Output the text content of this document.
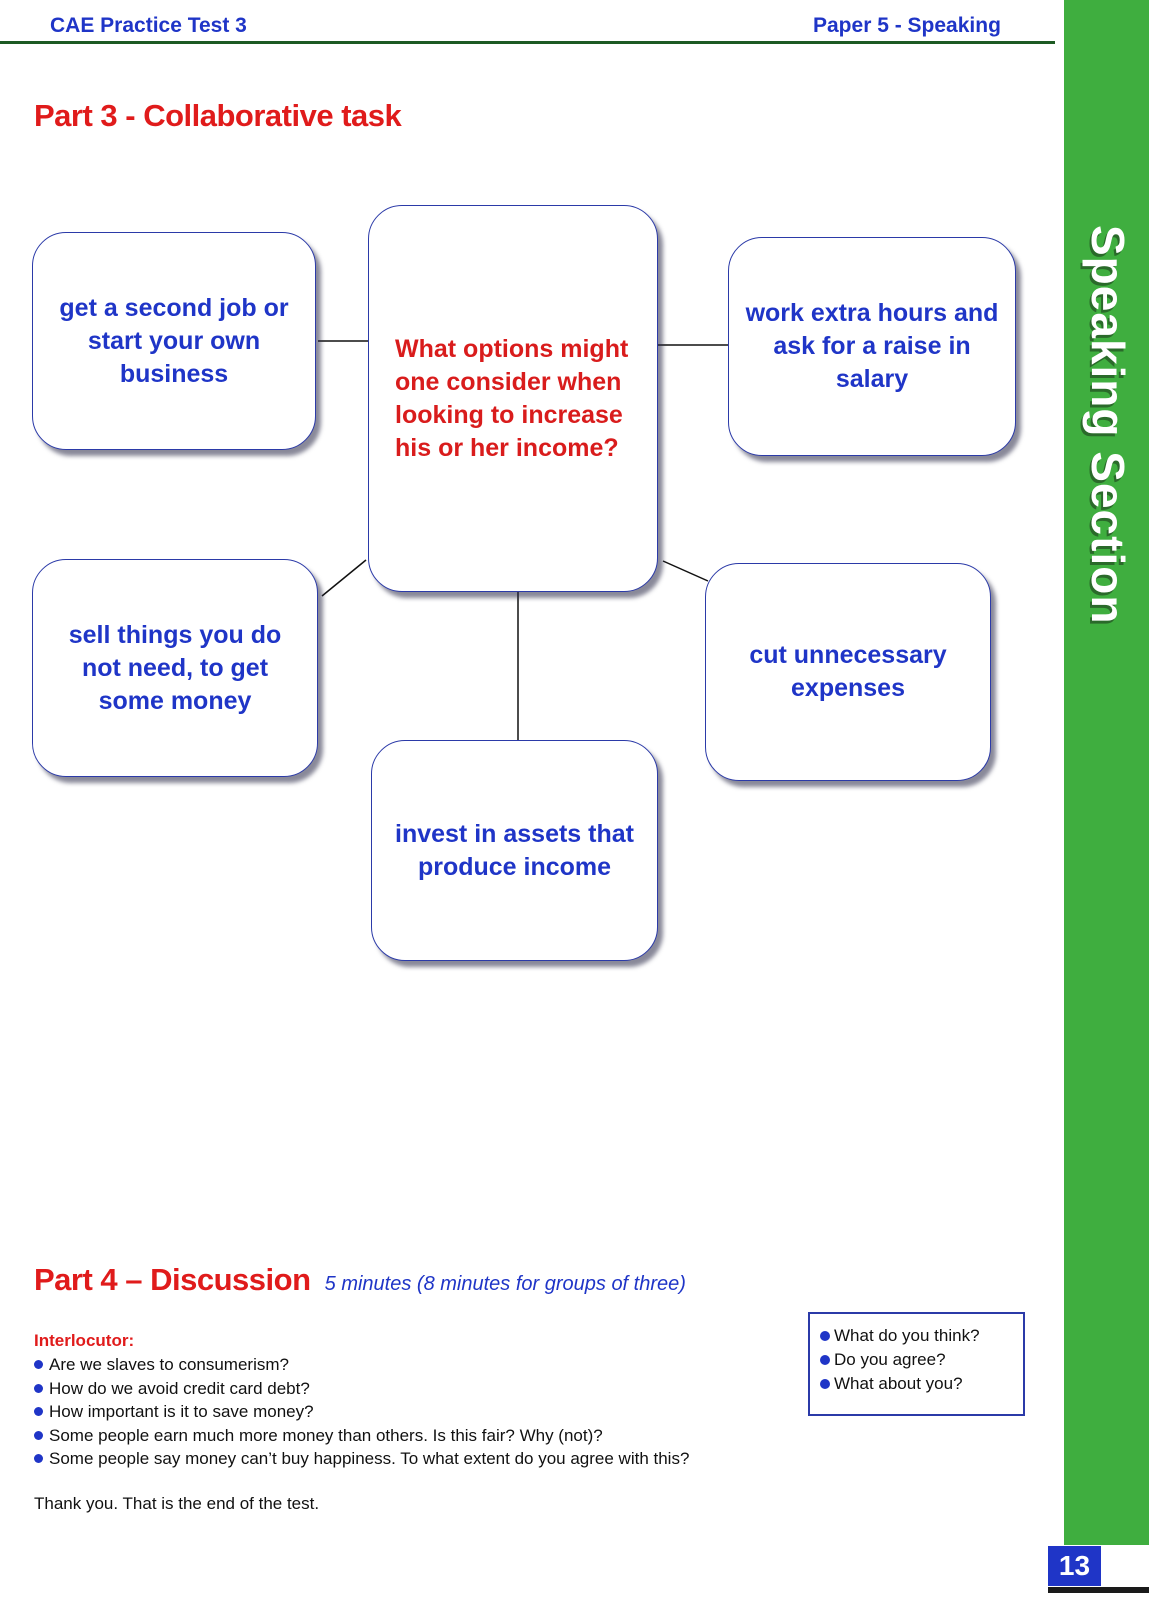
CAE Practice Test 3	Paper 5 - Speaking
Speaking Section
13
Part 3 - Collaborative task
What options might one consider when looking to increase his or her income?
get a second job or start your own business
work extra hours and ask for a raise in salary
sell things you do not need, to get some money
cut unnecessary expenses
invest in assets that produce income
Part 4 – Discussion 5 minutes (8 minutes for groups of three)
Interlocutor:
Are we slaves to consumerism?
How do we avoid credit card debt?
How important is it to save money?
Some people earn much more money than others. Is this fair? Why (not)?
Some people say money can’t buy happiness. To what extent do you agree with this?
Thank you. That is the end of the test.
What do you think?
Do you agree?
What about you?
